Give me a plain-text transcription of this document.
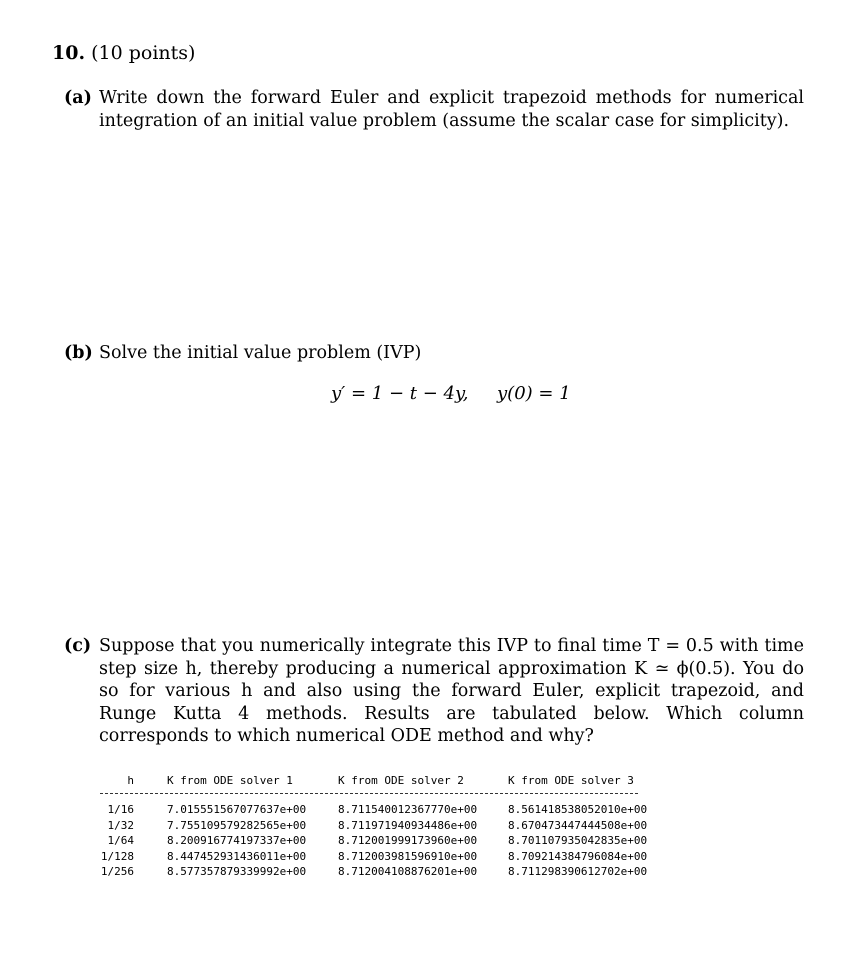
10. (10 points)
(a) Write down the forward Euler and explicit trapezoid methods for numerical integration of an initial value problem (assume the scalar case for simplicity).
(b) Solve the initial value problem (IVP)
y′ = 1 − t − 4y, y(0) = 1
(c) Suppose that you numerically integrate this IVP to final time T = 0.5 with time step size h, thereby producing a numerical approximation K ≃ ϕ(0.5). You do so for various h and also using the forward Euler, explicit trapezoid, and Runge Kutta 4 methods. Results are tabulated below. Which column corresponds to which numerical ODE method and why?
h	K from ODE solver 1	K from ODE solver 2	K from ODE solver 3
1/16	7.015551567077637e+00	8.711540012367770e+00	8.561418538052010e+00
1/32	7.755109579282565e+00	8.711971940934486e+00	8.670473447444508e+00
1/64	8.200916774197337e+00	8.712001999173960e+00	8.701107935042835e+00
1/128	8.447452931436011e+00	8.712003981596910e+00	8.709214384796084e+00
1/256	8.577357879339992e+00	8.712004108876201e+00	8.711298390612702e+00
